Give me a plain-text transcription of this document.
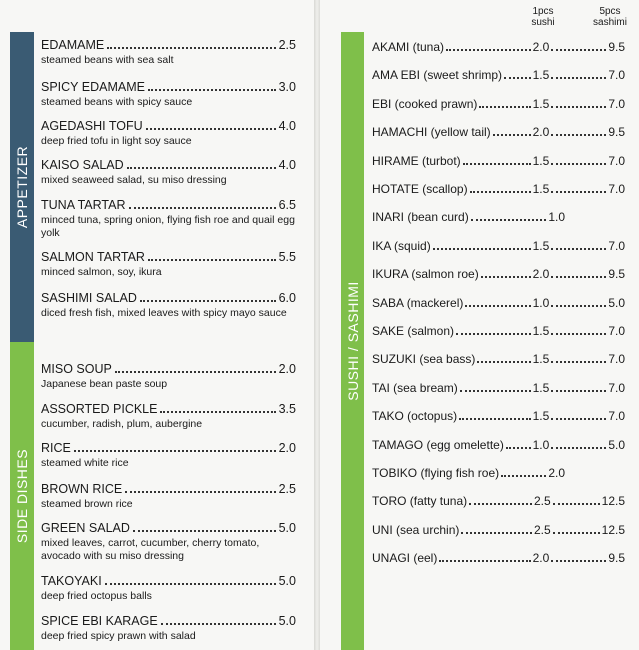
APPETIZER
SIDE DISHES
SUSHI / SASHIMI
1pcs
sushi
5pcs
sashimi
EDAMAME	2.5
steamed beans with sea salt
SPICY EDAMAME	3.0
steamed beans with spicy sauce
AGEDASHI TOFU	4.0
deep fried tofu in light soy sauce
KAISO SALAD	4.0
mixed seaweed salad, su miso dressing
TUNA TARTAR	6.5
minced tuna, spring onion, flying fish roe and quail egg yolk
SALMON TARTAR	5.5
minced salmon, soy, ikura
SASHIMI SALAD	6.0
diced fresh fish, mixed leaves with spicy mayo sauce
MISO SOUP	2.0
Japanese bean paste soup
ASSORTED PICKLE	3.5
cucumber, radish, plum, aubergine
RICE	2.0
steamed white rice
BROWN RICE	2.5
steamed brown rice
GREEN SALAD	5.0
mixed leaves, carrot, cucumber, cherry tomato, avocado with su miso dressing
TAKOYAKI	5.0
deep fried octopus balls
SPICE EBI KARAGE	5.0
deep fried spicy prawn with salad
AKAMI (tuna)	2.0	9.5
AMA EBI (sweet shrimp)	1.5	7.0
EBI (cooked prawn)	1.5	7.0
HAMACHI (yellow tail)	2.0	9.5
HIRAME (turbot)	1.5	7.0
HOTATE (scallop)	1.5	7.0
INARI (bean curd)	1.0
IKA (squid)	1.5	7.0
IKURA (salmon roe)	2.0	9.5
SABA (mackerel)	1.0	5.0
SAKE (salmon)	1.5	7.0
SUZUKI (sea bass)	1.5	7.0
TAI (sea bream)	1.5	7.0
TAKO (octopus)	1.5	7.0
TAMAGO (egg omelette) 1.0	5.0
TOBIKO (flying fish roe)	2.0
TORO (fatty tuna)	2.5	12.5
UNI (sea urchin)	2.5	12.5
UNAGI (eel)	2.0	9.5
